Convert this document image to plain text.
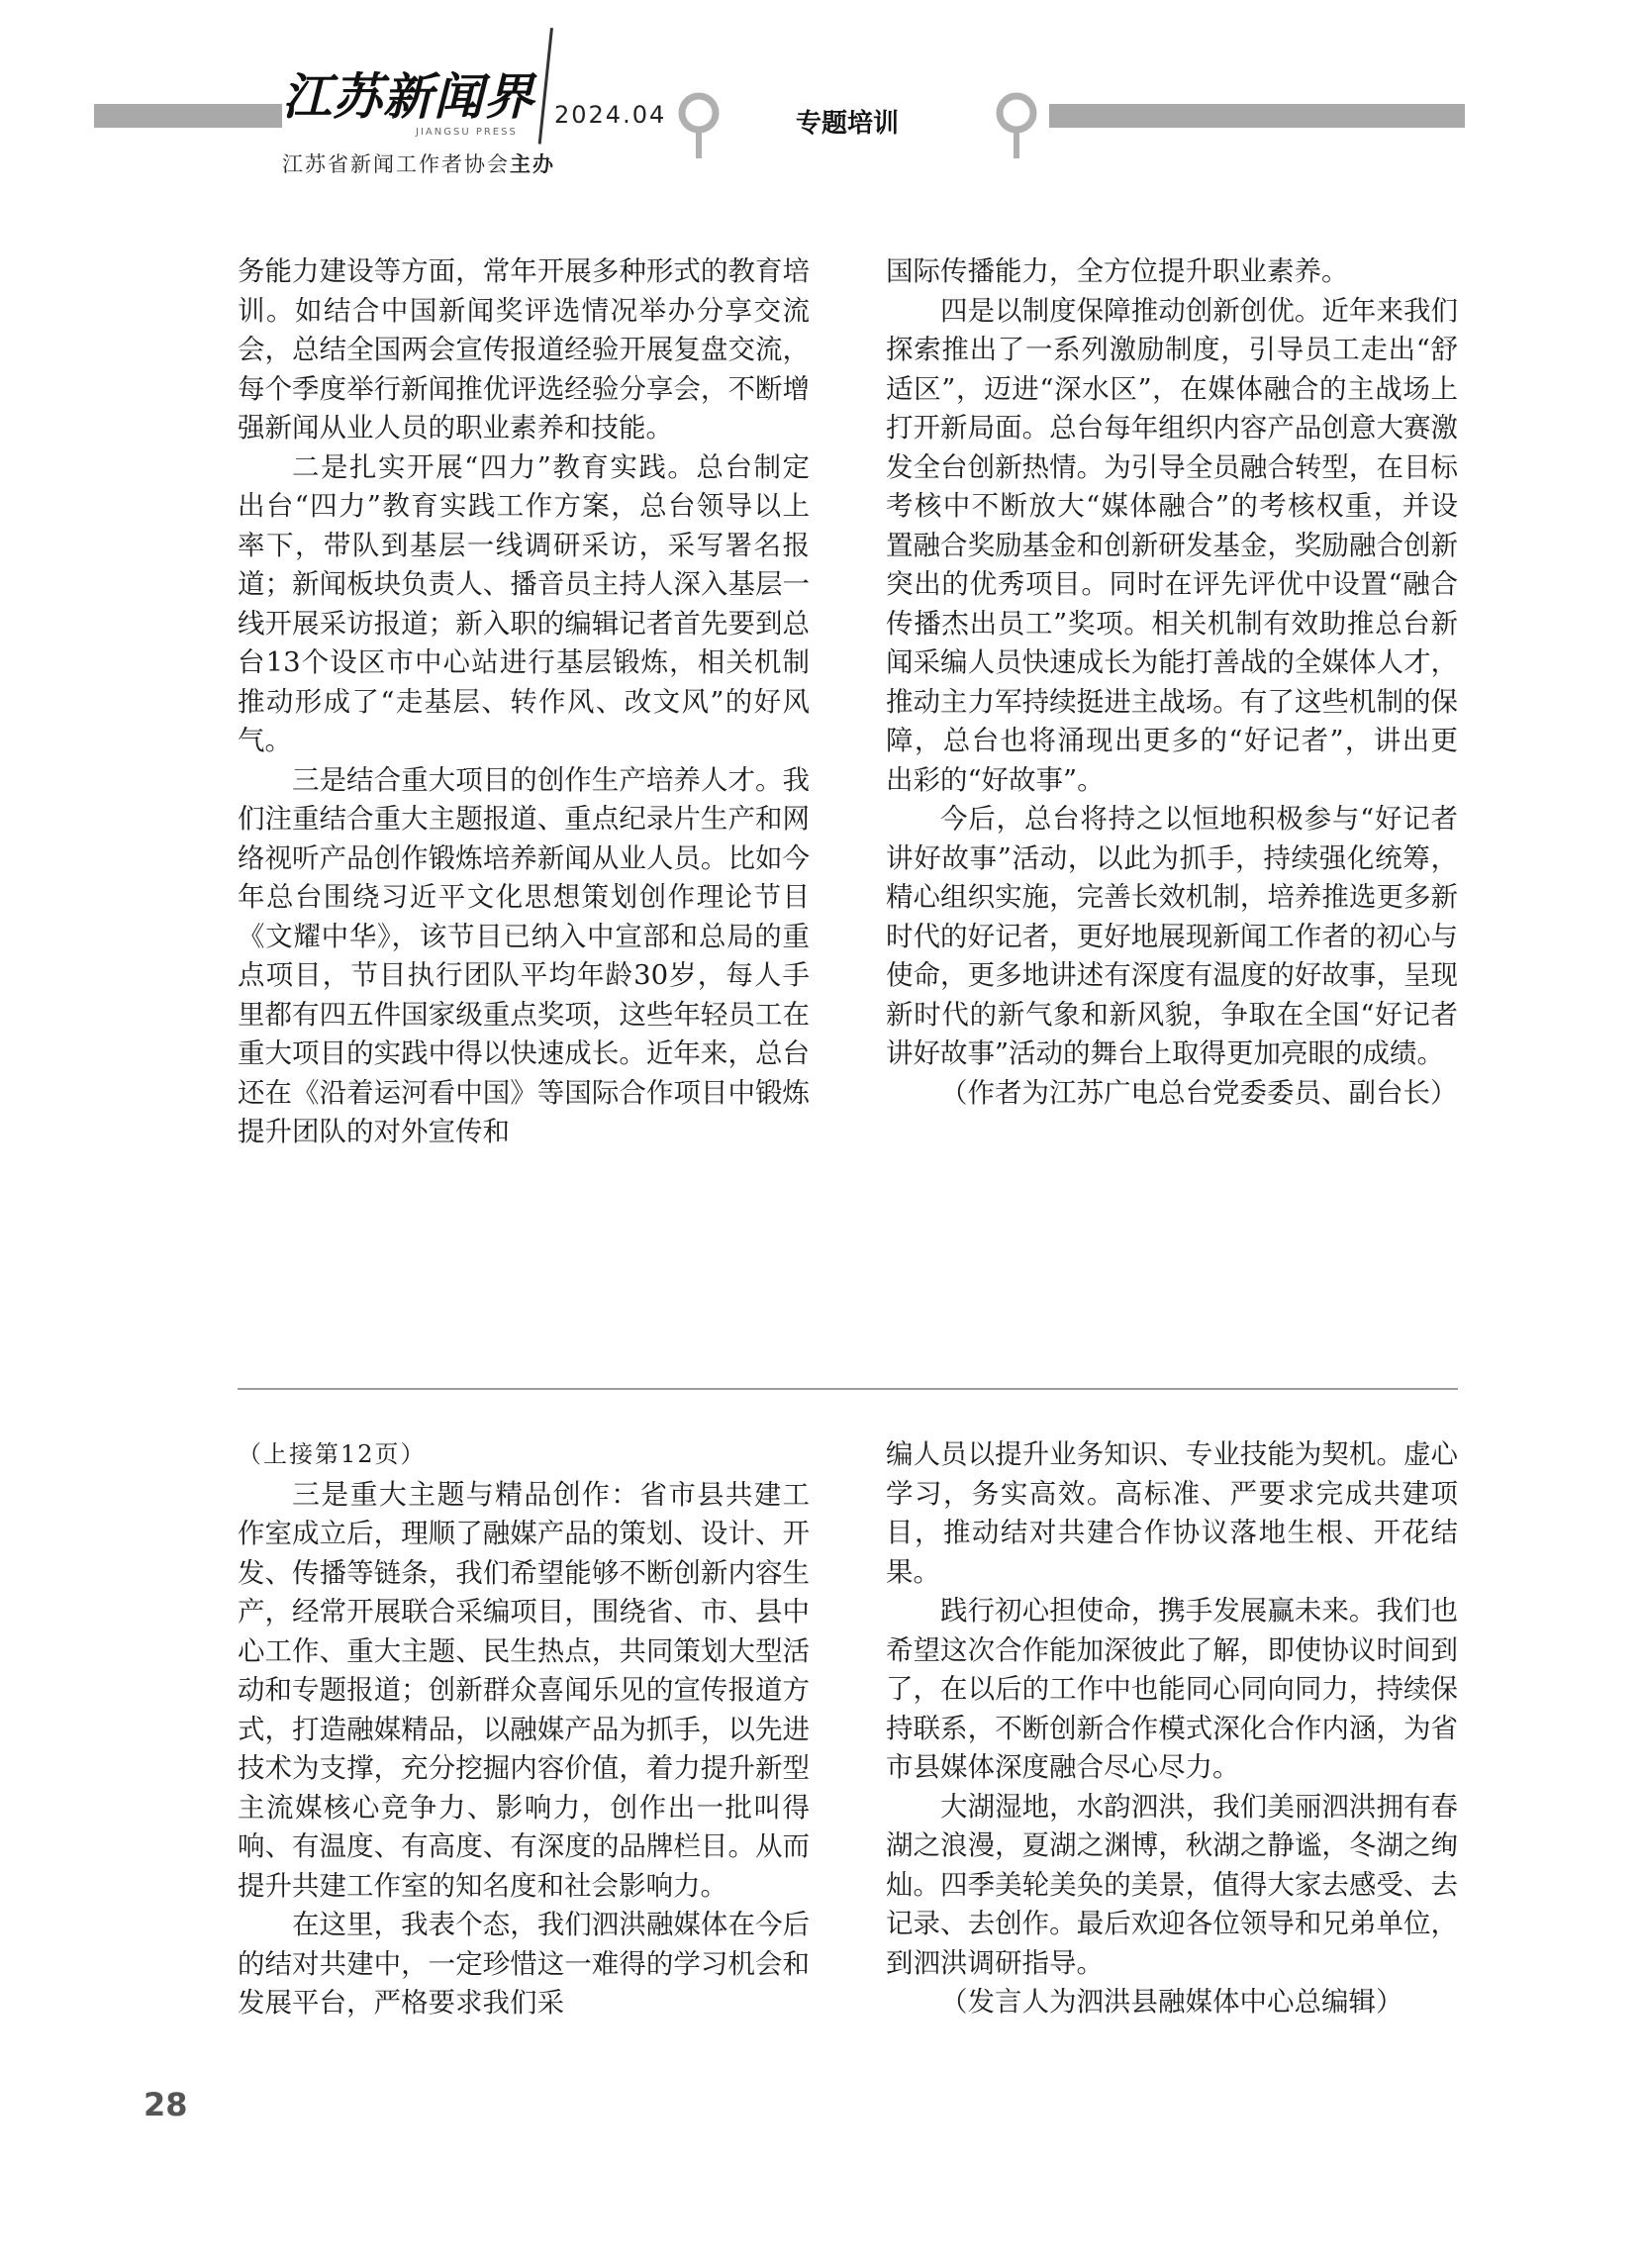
江苏新闻界
JIANGSU PRESS
2024.04
江苏省新闻工作者协会主办
专题培训

务能力建设等方面，常年开展多种形式的教育培训。如结合中国新闻奖评选情况举办分享交流会，总结全国两会宣传报道经验开展复盘交流，每个季度举行新闻推优评选经验分享会，不断增强新闻从业人员的职业素养和技能。

二是扎实开展“四力”教育实践。总台制定出台“四力”教育实践工作方案，总台领导以上率下，带队到基层一线调研采访，采写署名报道；新闻板块负责人、播音员主持人深入基层一线开展采访报道；新入职的编辑记者首先要到总台13个设区市中心站进行基层锻炼，相关机制推动形成了“走基层、转作风、改文风”的好风气。

三是结合重大项目的创作生产培养人才。我们注重结合重大主题报道、重点纪录片生产和网络视听产品创作锻炼培养新闻从业人员。比如今年总台围绕习近平文化思想策划创作理论节目《文耀中华》，该节目已纳入中宣部和总局的重点项目，节目执行团队平均年龄30岁，每人手里都有四五件国家级重点奖项，这些年轻员工在重大项目的实践中得以快速成长。近年来，总台还在《沿着运河看中国》等国际合作项目中锻炼提升团队的对外宣传和

国际传播能力，全方位提升职业素养。

四是以制度保障推动创新创优。近年来我们探索推出了一系列激励制度，引导员工走出“舒适区”，迈进“深水区”，在媒体融合的主战场上打开新局面。总台每年组织内容产品创意大赛激发全台创新热情。为引导全员融合转型，在目标考核中不断放大“媒体融合”的考核权重，并设置融合奖励基金和创新研发基金，奖励融合创新突出的优秀项目。同时在评先评优中设置“融合传播杰出员工”奖项。相关机制有效助推总台新闻采编人员快速成长为能打善战的全媒体人才，推动主力军持续挺进主战场。有了这些机制的保障，总台也将涌现出更多的“好记者”，讲出更出彩的“好故事”。

今后，总台将持之以恒地积极参与“好记者讲好故事”活动，以此为抓手，持续强化统筹，精心组织实施，完善长效机制，培养推选更多新时代的好记者，更好地展现新闻工作者的初心与使命，更多地讲述有深度有温度的好故事，呈现新时代的新气象和新风貌，争取在全国“好记者讲好故事”活动的舞台上取得更加亮眼的成绩。

（作者为江苏广电总台党委委员、副台长）

（上接第12页）

三是重大主题与精品创作：省市县共建工作室成立后，理顺了融媒产品的策划、设计、开发、传播等链条，我们希望能够不断创新内容生产，经常开展联合采编项目，围绕省、市、县中心工作、重大主题、民生热点，共同策划大型活动和专题报道；创新群众喜闻乐见的宣传报道方式，打造融媒精品，以融媒产品为抓手，以先进技术为支撑，充分挖掘内容价值，着力提升新型主流媒核心竞争力、影响力，创作出一批叫得响、有温度、有高度、有深度的品牌栏目。从而提升共建工作室的知名度和社会影响力。

在这里，我表个态，我们泗洪融媒体在今后的结对共建中，一定珍惜这一难得的学习机会和发展平台，严格要求我们采

编人员以提升业务知识、专业技能为契机。虚心学习，务实高效。高标准、严要求完成共建项目，推动结对共建合作协议落地生根、开花结果。

践行初心担使命，携手发展赢未来。我们也希望这次合作能加深彼此了解，即使协议时间到了，在以后的工作中也能同心同向同力，持续保持联系，不断创新合作模式深化合作内涵，为省市县媒体深度融合尽心尽力。

大湖湿地，水韵泗洪，我们美丽泗洪拥有春湖之浪漫，夏湖之渊博，秋湖之静谧，冬湖之绚灿。四季美轮美奂的美景，值得大家去感受、去记录、去创作。最后欢迎各位领导和兄弟单位，到泗洪调研指导。

（发言人为泗洪县融媒体中心总编辑）

28
